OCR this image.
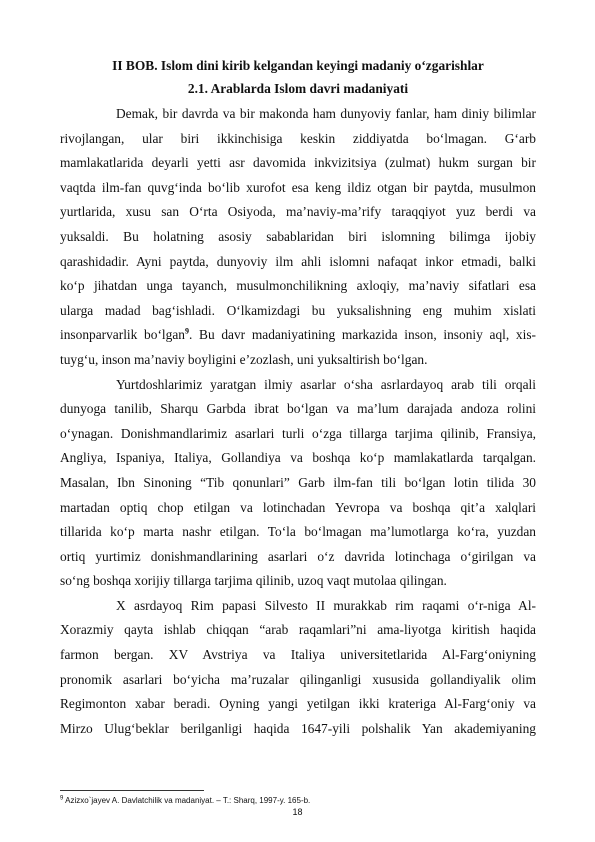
II BOB. Islom dini kirib kelgandan keyingi madaniy o‘zgarishlar
2.1. Arablarda Islom davri madaniyati
Demak, bir davrda va bir makonda ham dunyoviy fanlar, ham diniy bilimlar
rivojlangan, ular biri ikkinchisiga keskin ziddiyatda bo‘lmagan. G‘arb
mamlakatlarida deyarli yetti asr davomida inkvizitsiya (zulmat) hukm surgan bir
vaqtda ilm-fan quvg‘inda bo‘lib xurofot esa keng ildiz otgan bir paytda, musulmon
yurtlarida, xusu san O‘rta Osiyoda, ma’naviy-ma’rify taraqqiyot yuz berdi va
yuksaldi. Bu holatning asosiy sabablaridan biri islomning bilimga ijobiy
qarashidadir. Ayni paytda, dunyoviy ilm ahli islomni nafaqat inkor etmadi, balki
ko‘p jihatdan unga tayanch, musulmonchilikning axloqiy, ma’naviy sifatlari esa
ularga madad bag‘ishladi. O‘lkamizdagi bu yuksalishning eng muhim xislati
insonparvarlik bo‘lgan$^9$. Bu davr madaniyatining markazida inson, insoniy aql, xis-
tuyg‘u, inson ma’naviy boyligini e’zozlash, uni yuksaltirish bo‘lgan.
Yurtdoshlarimiz yaratgan ilmiy asarlar o‘sha asrlardayoq arab tili orqali
dunyoga tanilib, Sharqu Garbda ibrat bo‘lgan va ma’lum darajada andoza rolini
o‘ynagan. Donishmandlarimiz asarlari turli o‘zga tillarga tarjima qilinib, Fransiya,
Angliya, Ispaniya, Italiya, Gollandiya va boshqa ko‘p mamlakatlarda tarqalgan.
Masalan, Ibn Sinoning “Tib qonunlari” Garb ilm-fan tili bo‘lgan lotin tilida 30
martadan optiq chop etilgan va lotinchadan Yevropa va boshqa qit’a xalqlari
tillarida ko‘p marta nashr etilgan. To‘la bo‘lmagan ma’lumotlarga ko‘ra, yuzdan
ortiq yurtimiz donishmandlarining asarlari o‘z davrida lotinchaga o‘girilgan va
so‘ng boshqa xorijiy tillarga tarjima qilinib, uzoq vaqt mutolaa qilingan.
X asrdayoq Rim papasi Silvesto II murakkab rim raqami o‘r-niga Al-
Xorazmiy qayta ishlab chiqqan “arab raqamlari”ni ama-liyotga kiritish haqida
farmon bergan. XV Avstriya va Italiya universitetlarida Al-Farg‘oniyning
pronomik asarlari bo‘yicha ma’ruzalar qilinganligi xususida gollandiyalik olim
Regimonton xabar beradi. Oyning yangi yetilgan ikki krateriga Al-Farg‘oniy va
Mirzo Ulug‘beklar berilganligi haqida 1647-yili polshalik Yan akademiyaning
$^9$ Azizxo`jayev A. Davlatchilik va madaniyat. – T.: Sharq, 1997-y. 165-b.
18
